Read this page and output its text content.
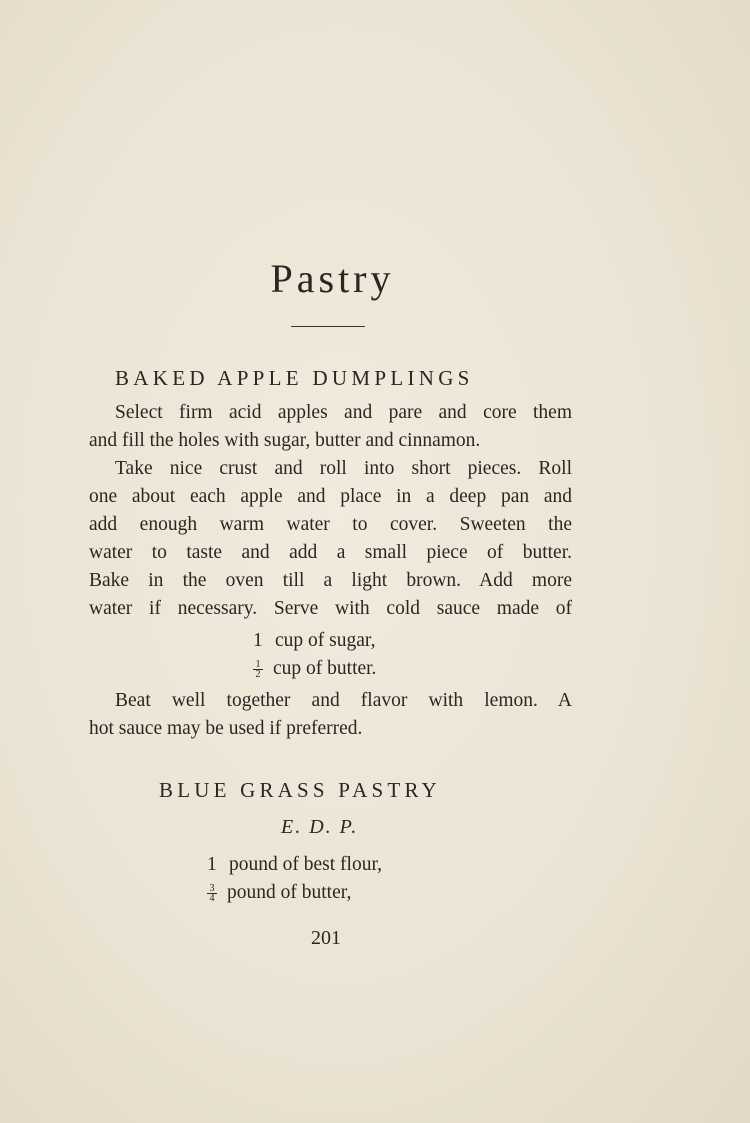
Pastry
BAKED APPLE DUMPLINGS
Select firm acid apples and pare and core them
and fill the holes with sugar, butter and cinnamon.
Take nice crust and roll into short pieces. Roll
one about each apple and place in a deep pan and
add enough warm water to cover. Sweeten the
water to taste and add a small piece of butter.
Bake in the oven till a light brown. Add more
water if necessary. Serve with cold sauce made of
1 cup of sugar,
$\frac{1}{2}$ cup of butter.
Beat well together and flavor with lemon. A
hot sauce may be used if preferred.
BLUE GRASS PASTRY
E. D. P.
1 pound of best flour,
$\frac{3}{4}$ pound of butter,
201
